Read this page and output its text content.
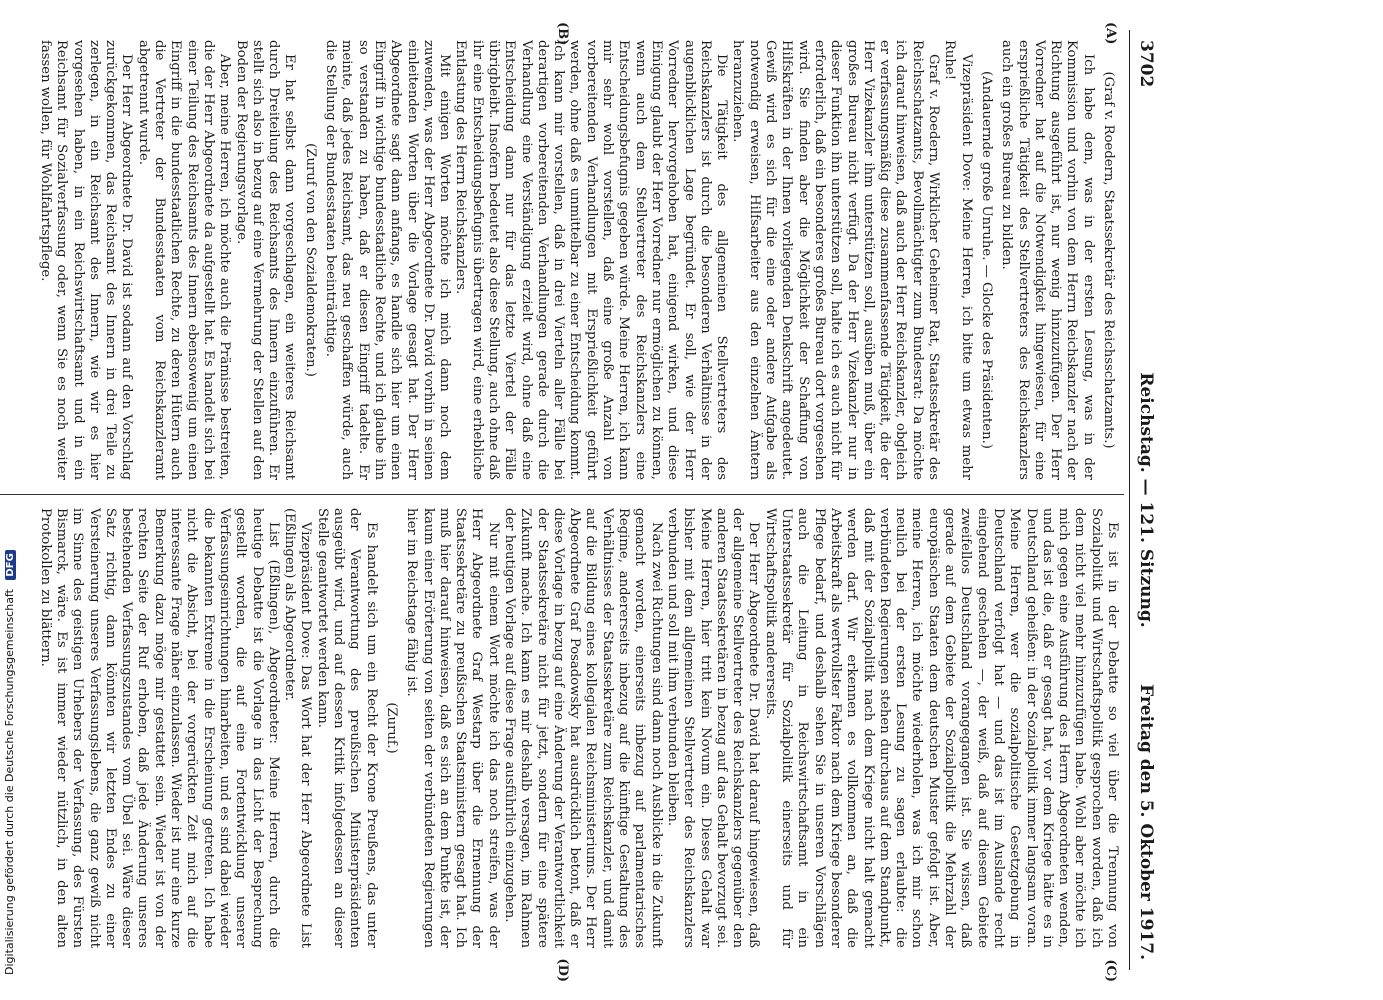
3702
Reichstag. — 121. Sitzung.
Freitag den 5. Oktober 1917.
(A)
(B)
(C)
(D)

(Graf v. Roedern, Staatssekretär des Reichsschatzamts.)

Ich habe dem, was in der ersten Lesung, was in der Kommission und vorhin von dem Herrn Reichskanzler nach der Richtung ausgeführt ist, nur wenig hinzuzufügen. Der Herr Vorredner hat auf die Notwendigkeit hingewiesen, für eine ersprießliche Tätigkeit des Stellvertreters des Reichskanzlers auch ein großes Bureau zu bilden.

(Andauernde große Unruhe. — Glocke des Präsidenten.)

Vizepräsident Dove: Meine Herren, ich bitte um etwas mehr Ruhe!

Graf v. Roedern, Wirklicher Geheimer Rat, Staatssekretär des Reichsschatzamts, Bevollmächtigter zum Bundesrat: Da möchte ich darauf hinweisen, daß auch der Herr Reichskanzler, obgleich er verfassungsmäßig diese zusammenfassende Tätigkeit, die der Herr Vizekanzler ihm unterstützen soll, ausüben muß, über ein großes Bureau nicht verfügt. Da der Herr Vizekanzler nur in dieser Funktion ihn unterstützen soll, halte ich es auch nicht für erforderlich, daß ein besonderes großes Bureau dort vorgesehen wird. Sie finden aber die Möglichkeit der Schaffung von Hilfskräften in der Ihnen vorliegenden Denkschrift angedeutet. Gewiß wird es sich für die eine oder andere Aufgabe als notwendig erweisen, Hilfsarbeiter aus den einzelnen Ämtern heranzuziehen.

Die Tätigkeit des allgemeinen Stellvertreters des Reichskanzlers ist durch die besonderen Verhältnisse in der augenblicklichen Lage begründet. Er soll, wie der Herr Vorredner hervorgehoben hat, einigend wirken, und diese Einigung glaubt der Herr Vorredner nur ermöglichen zu können, wenn auch dem Stellvertreter des Reichskanzlers eine Entscheidungsbefugnis gegeben würde. Meine Herren, ich kann mir sehr wohl vorstellen, daß eine große Anzahl von vorbereitenden Verhandlungen mit Ersprießlichkeit geführt werden, ohne daß es unmittelbar zu einer Entscheidung kommt. Ich kann mir vorstellen, daß in drei Vierteln aller Fälle bei derartigen vorbereitenden Verhandlungen gerade durch die Verhandlung eine Verständigung erzielt wird, ohne daß eine Entscheidung dann nur für das letzte Viertel der Fälle übrigbleibt. Insofern bedeutet also diese Stellung, auch ohne daß ihr eine Entscheidungsbefugnis übertragen wird, eine erhebliche Entlastung des Herrn Reichskanzlers.

Mit einigen Worten möchte ich mich dann noch dem zuwenden, was der Herr Abgeordnete Dr. David vorhin in seinen einleitenden Worten über die Vorlage gesagt hat. Der Herr Abgeordnete sagt dann anfangs, es handle sich hier um einen Eingriff in wichtige bundesstaatliche Rechte, und ich glaube ihn so verstanden zu haben, daß er diesen Eingriff tadelte. Er meinte, daß jedes Reichsamt, das neu geschaffen würde, auch die Stellung der Bundesstaaten beeinträchtige.

(Zuruf von den Sozialdemokraten.)

Er hat selbst dann vorgeschlagen, ein weiteres Reichsamt durch Dreiteilung des Reichsamts des Innern einzuführen. Er stellt sich also in bezug auf eine Vermehrung der Stellen auf den Boden der Regierungsvorlage.

Aber, meine Herren, ich möchte auch die Prämisse bestreiten, die der Herr Abgeordnete da aufgestellt hat. Es handelt sich bei einer Teilung des Reichsamts des Innern ebensowenig um einen Eingriff in die bundesstaatlichen Rechte, zu deren Hütern auch die Vertreter der Bundesstaaten vom Reichskanzleramt abgetrennt wurde.

Der Herr Abgeordnete Dr. David ist sodann auf den Vorschlag zurückgekommen, das Reichsamt des Innern in drei Teile zu zerlegen, in ein Reichsamt des Innern, wie wir es hier vorgesehen haben, in ein Reichswirtschaftsamt und in ein Reichsamt für Sozialverfassung oder, wenn Sie es noch weiter fassen wollen, für Wohlfahrtspflege.

Es ist in der Debatte so viel über die Trennung von Sozialpolitik und Wirtschaftspolitik gesprochen worden, daß ich dem nicht viel mehr hinzuzufügen habe. Wohl aber möchte ich mich gegen eine Ausführung des Herrn Abgeordneten wenden, und das ist die, daß er gesagt hat, vor dem Kriege hätte es in Deutschland geheißen: in der Sozialpolitik immer langsam voran. Meine Herren, wer die sozialpolitische Gesetzgebung in Deutschland verfolgt hat — und das ist im Auslande recht eingehend geschehen —, der weiß, daß auf diesem Gebiete zweifellos Deutschland vorangegangen ist. Sie wissen, daß gerade auf dem Gebiete der Sozialpolitik die Mehrzahl der europäischen Staaten dem deutschen Muster gefolgt ist. Aber, meine Herren, ich möchte wiederholen, was ich mir schon neulich bei der ersten Lesung zu sagen erlaubte: die verbündeten Regierungen stehen durchaus auf dem Standpunkt, daß mit der Sozialpolitik nach dem Kriege nicht halt gemacht werden darf. Wir erkennen es vollkommen an, daß die Arbeitskraft als wertvollster Faktor nach dem Kriege besonderer Pflege bedarf, und deshalb sehen Sie in unseren Vorschlägen auch die Leitung in Reichswirtschaftsamt in ein Unterstaatssekretär für Sozialpolitik einerseits und für Wirtschaftspolitik andererseits.

Der Herr Abgeordnete Dr. David hat darauf hingewiesen, daß der allgemeine Stellvertreter des Reichskanzlers gegenüber den anderen Staatssekretären in bezug auf das Gehalt bevorzugt sei. Meine Herren, hier tritt kein Novum ein. Dieses Gehalt war bisher mit dem allgemeinen Stellvertreter des Reichskanzlers verbunden und soll mit ihm verbunden bleiben.

Nach zwei Richtungen sind dann noch Ausblicke in die Zukunft gemacht worden, einerseits inbezug auf parlamentarisches Regime, andererseits inbezug auf die künftige Gestaltung des Verhältnisses der Staatssekretäre zum Reichskanzler, und damit auf die Bildung eines kollegialen Reichsministeriums. Der Herr Abgeordnete Graf Posadowsky hat ausdrücklich betont, daß er diese Vorlage in bezug auf eine Änderung der Verantwortlichkeit der Staatssekretäre nicht für jetzt, sondern für eine spätere Zukunft mache. Ich kann es mir deshalb versagen, im Rahmen der heutigen Vorlage auf diese Frage ausführlich einzugehen.

Nur mit einem Wort möchte ich das noch streifen, was der Herr Abgeordnete Graf Westarp über die Ernennung der Staatssekretäre zu preußischen Staatsministern gesagt hat. Ich muß hier darauf hinweisen, daß es sich an dem Punkte ist, der kaum einer Erörterung von seiten der verbündeten Regierungen hier im Reichstage fähig ist.

(Zuruf.)

Es handelt sich um ein Recht der Krone Preußens, das unter der Verantwortung des preußischen Ministerpräsidenten ausgeübt wird, und auf dessen Kritik infolgedessen an dieser Stelle geantwortet werden kann.

Vizepräsident Dove: Das Wort hat der Herr Abgeordnete List (Eßlingen) als Abgeordneter.

List (Eßlingen), Abgeordneter: Meine Herren, durch die heutige Debatte ist die Vorlage in das Licht der Besprechung gestellt worden, die auf eine Fortentwicklung unserer Verfassungseinrichtungen hinarbeiten, und es sind dabei wieder die bekannten Extreme in die Erscheinung getreten. Ich habe nicht die Absicht, bei der vorgerückten Zeit mich auf die interessante Frage näher einzulassen. Wieder ist nur eine kurze Bemerkung dazu möge mir gestattet sein. Wieder ist von der rechten Seite der Ruf erhoben, daß jede Änderung unseres bestehenden Verfassungszustandes vom Übel sei. Wäre dieser Satz richtig, dann könnten wir letzten Endes zu einer Versteinerung unseres Verfassungslebens, die ganz gewiß nicht im Sinne des geistigen Urhebers der Verfassung, des Fürsten Bismarck, wäre. Es ist immer wieder nützlich, in den alten Protokollen zu blättern.

Digitalisierung gefördert durch die Deutsche Forschungsgemeinschaft DFG
